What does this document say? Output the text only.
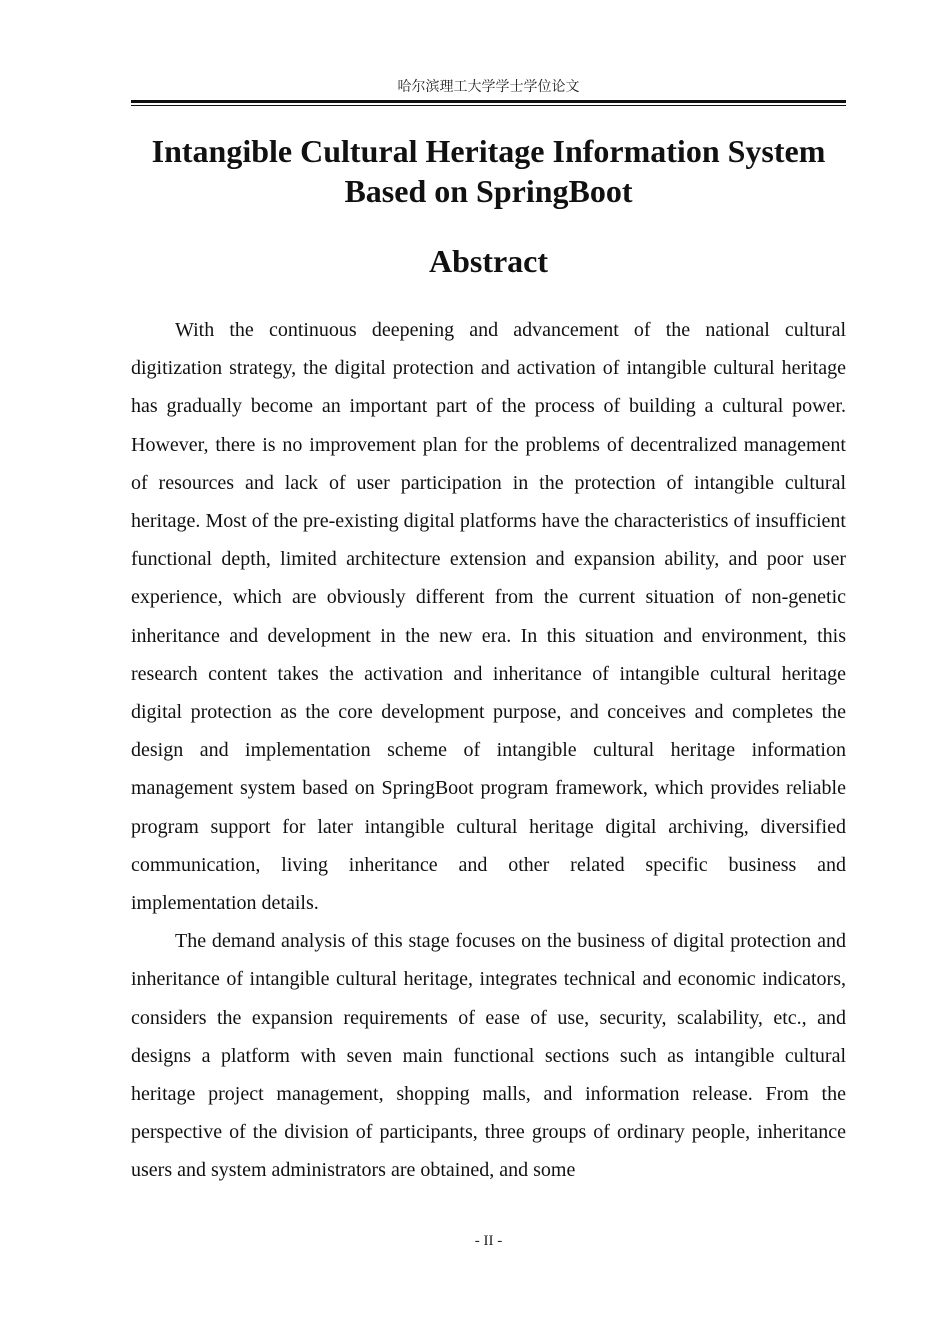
哈尔滨理工大学学士学位论文
Intangible Cultural Heritage Information System Based on SpringBoot
Abstract

With the continuous deepening and advancement of the national cultural digitization strategy, the digital protection and activation of intangible cultural heritage has gradually become an important part of the process of building a cultural power. However, there is no improvement plan for the problems of decentralized management of resources and lack of user participation in the protection of intangible cultural heritage. Most of the pre-existing digital platforms have the characteristics of insufficient functional depth, limited architecture extension and expansion ability, and poor user experience, which are obviously different from the current situation of non-genetic inheritance and development in the new era. In this situation and environment, this research content takes the activation and inheritance of intangible cultural heritage digital protection as the core development purpose, and conceives and completes the design and implementation scheme of intangible cultural heritage information management system based on SpringBoot program framework, which provides reliable program support for later intangible cultural heritage digital archiving, diversified communication, living inheritance and other related specific business and implementation details.

The demand analysis of this stage focuses on the business of digital protection and inheritance of intangible cultural heritage, integrates technical and economic indicators, considers the expansion requirements of ease of use, security, scalability, etc., and designs a platform with seven main functional sections such as intangible cultural heritage project management, shopping malls, and information release. From the perspective of the division of participants, three groups of ordinary people, inheritance users and system administrators are obtained, and some

- II -
